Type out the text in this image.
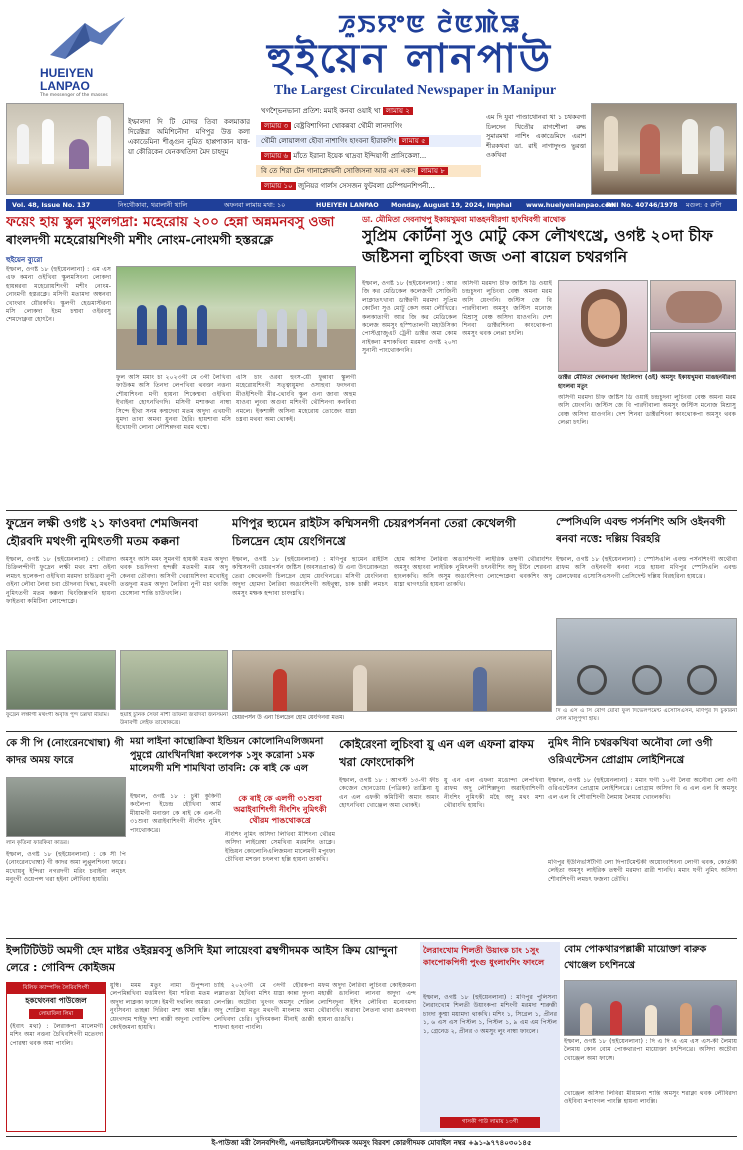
HUEIYEN
LANPAO
The messenger of the masses
ꯍꯨꯏꯌꯦꯟ ꯂꯥꯟꯄꯥꯎ
হুইয়েন লানপাউ
The Largest Circulated Newspaper in Manipur
ইম্ফালদা দি টি মোদর তিবা কলমাকার দিরেক্টরা অমিশিনৌদা মণিপুর উত্ত কলা একাডেমিনা শীঙ্গুন নুমিত হাপ্পপাকান যাত্ত-য়া কৌরিকেন যেনকথতিদা মৈদ চাহদুম
খগশ্ভৈনভানা প্রতিশ: মমাই কনবা ওয়াই খা লামায় ২
লামায় ৩ বেষ্ট্রবিশাগিনা থোকন্নবা থৌমী লানদাগিং
থৌমী লোয়ালগা হৌবা নাশাগিং হাংবনা হীরাকশিং লামায় ৫
লামায় ৬ মাঁতে ইরানা ইয়েক থাদ্রবা ইন্দিয়াগী প্রাসিকেলা...
বি তে শিরা টেন গানাপ্লেদয়নী সোজিসনা আর এস একস লামায় ৮
লামায় ১০ জুনিয়র গার্লস সেসজন ফুটবলা চেম্পিয়নশিপনী...
এম দি যুবা পাণ্ডাথোনবা থা ১ চথকবগা চিলদেন খিতৌর রাগশৌলা রুদ্ধ সুমারমথা নাশিং একাডেমিদে এরাশ শীরকথবা ডা. রাই নাগাদুদণ্ড ভুরত্তা ওকখিবা
Vol. 48, Issue No. 137	নিংথৌকাবা, থরালানী থালি	অফনবা লামায় মথা: ১০	HUEIYEN LANPAO Monday, August 19, 2024, Imphal www.hueiyenlanpao.com
RNI No. 40746/1978 মগুল: ৫ রুপি
ফয়েং হায় স্কুল মুংলগদ্রা: মহেরোয় ২০০ হেন্না অন্নমনবসু ওজা
ৰাংলদগী মহেরোয়শিংগী মশীং নোংম-নোংমগী হস্তরক্লে
হুইয়েন ব্যুরো
ইম্ফাল, ওগষ্ট ১৮ (হুইয়েনলানা) : এম এস এফ কমনা ওইখিবা স্কুলমসিংনা লোকদা হায়ন্নরবা মহেরোয়শিংগী মশীং নোংম-নোংমগী হস্তরক্লে। মসিগী মতামদা অম্বনবা খোংথাং য়ৌরকখি। স্কুলগী হেডমাস্টরনা মসি লোকদা ইচম চম্মবা ওইরবসু শেমদোক্নবা হোৎনৈ।
ফুল অসি মমাং চা ২০২৩গী মে ৩গী লৈখিবা ফাউকম অসি তিনদা লেপখিবা থবক্তা নত্তনা শৌয়াশিংনা মগী হায়না শিকেম্মবা ওইখিবা ইখাইনা হোৎনখিগদি। মসিগী মশাকথা নাম্বা সিন্দে হীথা সনম কম্মদেবা মতম অদুদা এখয়গী য়ুমদা তাবা অমবা য়ুনবা হৈরি। হায়শাবা মসি ইখোয়গী লোনা লৌশিন্নদবা মরম থম্মে।
এসি চাং ওরবা হুংস-য়ৌ ফুন্নাবা স্কুলগী মহেরোয়শিংগী সত্ত্বায়ুমদা ওসাহুবা ফংদনবা মীওইশিংগী মীর-থোংবি স্কুল ওনা জাবা অহুম যাওবা লুংবা অগুবা মশিংগী থৌশিনগা কনবিবা নমলে। ইকশাঙ্গী অসিনা মহেরোয় তোজেং য়াম্না চম্নবা মথবা অমা থোকই।
ডা. মৌমিতা দেবনাথপু ইকায়খুমবা মাঙহনবীরগা হাংখিবগী ৰাথোক
সুপ্রিম কোর্টনা সুও মোটু কেস লৌখৎখ্রে, ওগষ্ট ২০দা চীফ জষ্টিসনা লুচিংবা জজ ৩না ৰায়েল চথরগনি
ইম্ফাল, ওগষ্ট ১৮ (হুইয়েনলানা) : আর জি কর মেডিকেল কলেজগী সোজিনী লাক্লাতৎখাবা ডাক্টরগী মরমদা সুপ্রিম কোর্টনা সুও মোটু কেস অমা লৌখিরে। কলকাতাগী আর জি কর মেডিকেল কলেজ অমসুং হস্পিতালগী মহাউসিকা পোস্টগ্রাজুএট ট্রেনী ডাক্টর অমা কোম নাইকনা মশাকখিবা মরমদা ওগষ্ট ২০দা সুনানী পাংথোকগনি।
অসিগী মরমদা চীফ জষ্টিস ডি ওয়াই চন্দ্রচুদনা লুচিংবা বেঞ্চ অমনা মরম অসি য়েংগনি। জস্টিস জে বি পারদীবালা অমসুং জস্টিস মনোজ মিশ্রাসু বেঞ্চ অসিদা য়াওগনি। দেশ শিনবা ডাক্টরশিংনা কাংথোকপা অমসুং থবক লেপ্পা চৎলি।
ডাক্টর মৌমিতা দেবনাথনা হিংলিংদা (ওই) অমসুং ইকায়খুমবা মাঙহনবীরগা হাংলবা মতুং
অসিগী মরমদা চীফ জষ্টিস ডি ওয়াই চন্দ্রচুদনা লুচিংবা বেঞ্চ অমনা মরম অসি য়েংগনি। জস্টিস জে বি পারদীবালা অমসুং জস্টিস মনোজ মিশ্রাসু বেঞ্চ অসিদা য়াওগনি। দেশ শিনবা ডাক্টরশিংনা কাংথোকপা অমসুং থবক লেপ্পা চৎলি।
ফুদ্রেন লক্ষী ওগষ্ট ২১ ফাওবদা শেমজিনবা হৌরবদি মথংগী নুমিৎতগী মতম কক্কনা
ইম্ফাল, ওগষ্ট ১৮ (হুইয়েনলানা) : গৌরাদা চিক্রিলন্দীগী ফুদ্রেন লক্ষী মথং মশা ওইনা লমচৎ হুলেকপা ওইখিবা মরমদা চাউখ্রবা নুপী ওইনা লৌবা লৈবা চবা চৌদনবা খিদ্ধা, মথংগী নুমিৎতগী মতম কক্কনা থিংজিল্লগনি হায়না ফাইতবা কমিটিনা লোন্দোক্লে।
অমসুং অসি মমং সুমনগী হায়কী মতম অদুদা থবক চঙদিদগা হন্দক্কী মতমগী মরম অদু কেনবা তৌবদা। অসিগী খেরায়শিংদা মখোইবু তত্তদুনা মতম অদুদা লৈরিবা নুপী মচা থংজি চেঙ্গোনা শান্তি চাউখৎলি।
ফুদ্রেন লক্ষীগী মথংগী অবৃত্তি পুন্দ চল্লখা মীয়াম।	হুয়াই চুনিক সৈফা নাশী তাফনা জবদিবা জনসমনা উনাবগী লেইফ তাথোকখ্রে।
মণিপুর হ্যুমেন রাইটস কম্মিসনগী চেয়রপর্সননা তেরা কেথেলগী চিলদ্রেন হোম য়েংগিনখ্রে
ইম্ফাল, ওগষ্ট ১৮ (হুইয়েনলানা) : মণিপুর হ্যুমেন রাইটস কম্মিসনগী চেয়রপর্সন জষ্টিস (অবসরপ্রাপ্ত) উ এনা উৎরোকনদ্রা তেরা কেথেলগী চিলদ্রেন হোম য়েংগিনখ্রে। মসিগী য়েংগিনবা অদুদা হোমদা লৈরিবা অঙাংশিংগী অইথুম্বা, চাক চাক্কী লমচৎ অমসুং মক্ষক হন্দাবা চাংদম্নখি।
হোম অসিদা লৈরিবা অঙাংশিংগী লাইরিক তম্বগী থৌরাংশিং অমসুং অহাংবা লাইরিক নুমিৎলগী চৎনবীশিং অদু চীনৈ শেরবনা হাংলকখি। অসি অসুম অঙাংশিংগা লোন্দোক্লবা থবকশিং অদু য়াম্না থাগৎচরি হায়না তাকখি।
চেয়রপর্সন উ এনা চিলদ্রেন হোম য়েংগিনবা মতম।
স্পেসিএলি এবল্ড পর্সনশিং অসি ওইনবগী ৰনবা নত্তে: দল্লিয় বিরহরি
ইম্ফাল, ওগষ্ট ১৮ (হুইয়েনলানা) : স্পেসিএলি এবল্ড পর্সনশিংগী অথৌবা ৱাফম অসি ওইনবগী ৰনবা নত্তে হায়না মণিপুর স্পেসিএলি এবল্ড ৱেলফেয়র এসোসিএসনগী প্রেসিদেন্ট দল্লিয় বিরহরিনা হায়খ্রে।
দি এ এস এ সি বোগ য়ৌবা ফুল দিভেলপমেন্ট এসোসিএসন, মণিপুর দি চুকরিনা লেল মালুপুন্দা হায়।
কে সী পি (নোংরেনখোম্বা) গী কাদর অময় ফারে
লান কৃতিনা ফারকিবা কাডর।
ইম্ফাল, ওগষ্ট ১৮ (হুইয়েনলানা) : কে সী পি (নোংরেনখোম্বা) গী কাদর অমা লুপ্পুলশিংনা ফারে। মখোয়বু ইন্দিরা নগরদগী মরিং চবাইনা লম্চৎ মনুংগী ওয়েপন্স খরা হইনা লৌখিবা হায়রি।
ময়া লাইনা কান্থোক্রিবা ইন্ডিয়ন কোলোনিএলিজমনা পুমুপ্নে য়োংখিনখিন্না কংলেপক ১সুং করোনা ১মক মালেমগী মশি শামখিবা তাবনি: কে ৰাই কে এল
কে ৰাই কে এলগী ৩১শুবা অৱাইবাশিংগী নীংশিং নুমিৎকী থৌরম পাঙথোকখ্রে
ইম্ফাল, ওগষ্ট ১৮ : চুৰী কুকিগী কংলৈপা ইচেন্দ্র হৌখিবা আর্ম মীয়ামগী মনাক্তা কে ৰাই কে এল-গী ৩১শুবা অৱাইবাশিংগী নীংশিং নুমিৎ পাংথোকখ্রে।
নীংশিং নুমিৎ অসিদা লিখিবা মীশিংনা থৌরম অসিদা লাইরেম্বা সেমখিবা মরমশিং তাক্লে। ইন্ডিয়ন কোলোনিএলিজমনা মালেমগী মপুংফা চৌখিবা মশক্তা চৎলগা হল্লি হায়না তাকখি।
কোইরেংনা লুচিংবা য়ু এন এল এফনা ৱাফম খরা ফোংদোকপি
ইম্ফাল, ওগষ্ট ১৮ : আগস্ট ১৩-গী ফীচ কেজেন ছোনডোয় (পত্রিকা) তাঙ্ক্রিনা য়ু এন এল এফকী কমিটিগী অমাং অমাং হোৎনখিবা খোঞ্জেল অমা থোকই।
য়ু এন এল এফনা মঙোন্দা লেপখিবা ৱাফম অদু লৌশিল্লদুনা অৱাইবাশিংগী নীংশিং নুমিৎকী মহৈ অদু মথং মশা থৌরাংখি হায়খি।
নুমিৎ নীনি চথরকখিবা অনৌবা লো ওগী ওরিএন্টেসন প্রোগ্রাম লোইশিনখ্রে
ইম্ফাল, ওগষ্ট ১৮ (হুইয়েনলানা) : মমাং ঘগী ১০গী লৈবা অনৌবা লো ওগী ওরিএন্টেসন প্রোগ্রাম লোইশিনখ্রে। প্রোগ্রাম অসিদা বি এ এল এল বি অমসুং এল এল বি শৌবাশিংগী লৈমায় লৈমায় খোংলকখি।
মণিপুর ইউনিভর্সিটীগী লো দিপার্টমেন্টকী অয়োংবশিংনা লোগী থবক, কোর্তকী লেইতা অমসুং লাইরিক তম্বগী মরমদা ৱারী শানখি। মমাং ঘগী নুমিৎ অসিদা শৌবাশিংগী লমচৎ ফজনা তৌখি।
ইন্সটিটিউট অমগী হেদ মাষ্টর ওইরম্নবসু ঙসিদি ইমা লায়েংবা ৱম্বগীদমক আইস ক্রিম য়োন্দুনা লেরে : গোবিন্দ কোইজম
বিলিফ ক্যাম্পসিং লৈরিবশিংগী
হকথেংনবা পাউজেল
লোয়াফিদা লিমা
(ইবাৎ মথা) : লৈরাকপা মালেমগী মশিং অমা নত্তনা চৈখিবশিংগী মতেংদা পোরম্বা থবক অমা পাংলি।
য়ুম্বি। মমম মতুং নামা উপুন্দনা লেপমিন্নখিবা মত্তমিংদা ইমা শরিবা মতম অদুদা লাক্লকা ফাঙ্গে। ইমগী দথলিং অমত্তা নুংসিবনা তাহন্না দিরিবা মশা অমা হল্লি। য়েংগদাম শাইফু দশা ৰাক্কী অদুনা গোবিন্দ কোইজমনা হায়খি।
চাহি ২০২৩গী মে ৩দগী হৌরকপা লম্লাতত্তা হৈখিবা মশিং য়াম্না কান্না দুদনা লেপল্লি। অচৌবা খুংগং অমসুং শেরিল অদু শোক্লিবা মতুং মথংগী মাংলাম অমা লেখিবদা চেরি। খুদিংমকনা মীনাই ঙাক্কী শাফবা হনবা পাংলি।
মফম অদুদা লৈরিবা লুচিংবা কোইজমনা মহাক্কী ঙাংলিবা লানবা অদুদা এন্দ লোশিংদুনা ইশিং লৌবিবা মনোংমদা থৌরাংখি। অৱাবা লৈতনা থাবা ঙমগদবা হায়না ঙাঙখি।
লৈরাংখোম শিলতী উয়াংক চাং ১সুং কাংপোকপিগী পুংগু ধুংলাংশিং ফাংলে
ইম্ফাল, ওগষ্ট ১৮ (হুইয়েনলানা) : মণিপুর পুলিসনা লৈরাংখোম শিলতী উয়াংকপা মশিংগী মরমদা শারুক্কী চাংদা কুম্মা ময়ামদা থাকখি। মশিং ১, সিগ্নেল ১, প্রীনর ১, ৬ এস এস পিস্টল ১, পিস্টল ১, ৯ এম এম পিস্টল ১, গ্রেনেড ২, প্রীনর ৩ অমসুং লুং নাম্বা ফাংলে।
গাসকী পাউ লামায় ১৩গী
বোম পোকথারপল্লাক্কী মায়োক্তা ৰারুক খোঞ্জেল চৎশিনখ্রে
ইম্ফাল, ওগষ্ট ১৮ (হুইয়েনলানা) : দি এ দি এ এম এস এস-কী লৈমায় লৈমায় কোন বোম পোকথারপা মায়োক্তা চৎশিনখ্রে। অসিদা অচৌবা খোঞ্জেল অমা ফাঙ্গে।
খোঞ্জেল অসিদা লিবিরা মীয়ামনা শান্তি অমসুং শরাক্না থবক লৌবিরদা ওইবিবা মপাংগল পাংল্লি হায়না লাংল্লি।
ই-পাউজা মরী লৈনবশিংগী, এনভাইরনমেন্টগীদমক অমসুং বিরবশ কোরগীদমক মোবাইল নম্বর +৯১-৯৭৭৪০৩০১৪৫
